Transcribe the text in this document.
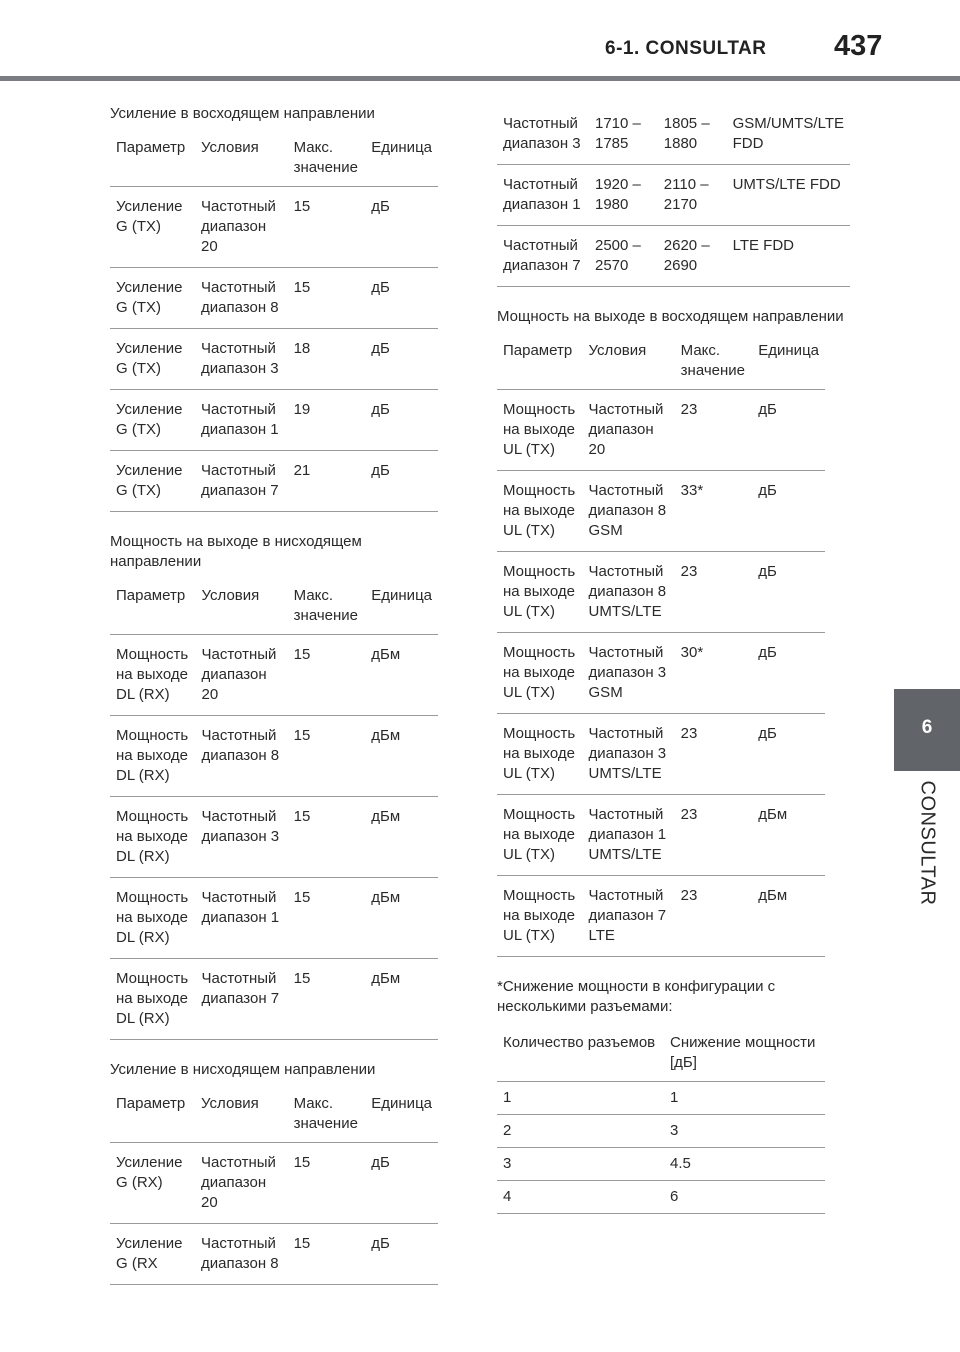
6-1. CONSULTAR 437
6
CONSULTAR
Усиление в восходящем направлении
Параметр	Условия	Макс. значение	Единица
Усиление G (TX)	Частотный диапазон 20	15	дБ
Усиление G (TX)	Частотный диапазон 8	15	дБ
Усиление G (TX)	Частотный диапазон 3	18	дБ
Усиление G (TX)	Частотный диапазон 1	19	дБ
Усиление G (TX)	Частотный диапазон 7	21	дБ
Мощность на выходе в нисходящем направлении
Параметр	Условия	Макс. значение	Единица
Мощность на выходе DL (RX)	Частотный диапазон 20	15	дБм
Мощность на выходе DL (RX)	Частотный диапазон 8	15	дБм
Мощность на выходе DL (RX)	Частотный диапазон 3	15	дБм
Мощность на выходе DL (RX)	Частотный диапазон 1	15	дБм
Мощность на выходе DL (RX)	Частотный диапазон 7	15	дБм
Усиление в нисходящем направлении
Параметр	Условия	Макс. значение	Единица
Усиление G (RX)	Частотный диапазон 20	15	дБ
Усиление G (RX	Частотный диапазон 8	15	дБ
Частотный диапазон 3	1710 – 1785	1805 – 1880	GSM/UMTS/LTE FDD
Частотный диапазон 1	1920 – 1980	2110 – 2170	UMTS/LTE FDD
Частотный диапазон 7	2500 – 2570	2620 – 2690	LTE FDD
Мощность на выходе в восходящем направлении
Параметр	Условия	Макс. значение	Единица
Мощность на выходе UL (TX)	Частотный диапазон 20	23	дБ
Мощность на выходе UL (TX)	Частотный диапазон 8 GSM	33*	дБ
Мощность на выходе UL (TX)	Частотный диапазон 8 UMTS/LTE	23	дБ
Мощность на выходе UL (TX)	Частотный диапазон 3 GSM	30*	дБ
Мощность на выходе UL (TX)	Частотный диапазон 3 UMTS/LTE	23	дБ
Мощность на выходе UL (TX)	Частотный диапазон 1 UMTS/LTE	23	дБм
Мощность на выходе UL (TX)	Частотный диапазон 7 LTE	23	дБм
*Снижение мощности в конфигурации с несколькими разъемами:
Количество разъемов	Снижение мощности [дБ]
1	1
2	3
3	4.5
4	6
